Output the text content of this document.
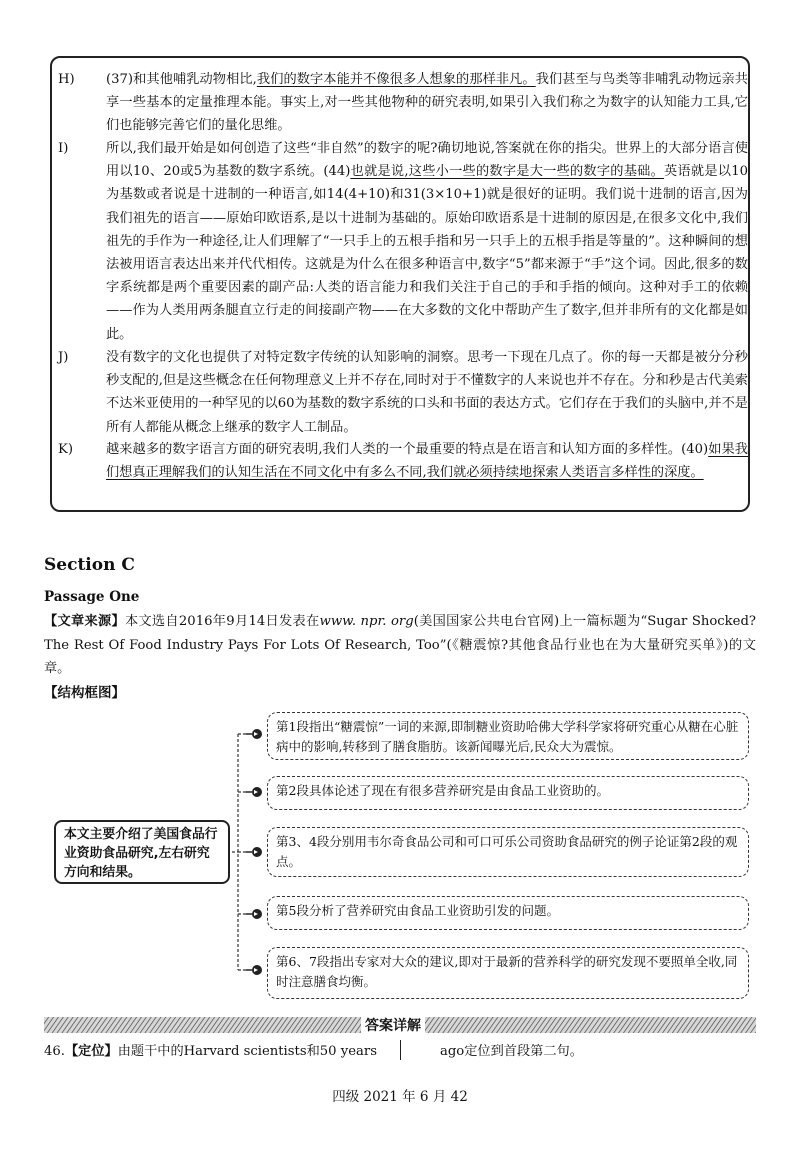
H) (37)和其他哺乳动物相比,我们的数字本能并不像很多人想象的那样非凡。我们甚至与鸟类等非哺乳动物远亲共享一些基本的定量推理本能。事实上,对一些其他物种的研究表明,如果引入我们称之为数字的认知能力工具,它们也能够完善它们的量化思维。
I)	所以,我们最开始是如何创造了这些“非自然”的数字的呢?确切地说,答案就在你的指尖。世界上的大部分语言使用以10、20或5为基数的数字系统。(44)也就是说,这些小一些的数字是大一些的数字的基础。英语就是以10为基数或者说是十进制的一种语言,如14(4+10)和31(3×10+1)就是很好的证明。我们说十进制的语言,因为我们祖先的语言——原始印欧语系,是以十进制为基础的。原始印欧语系是十进制的原因是,在很多文化中,我们祖先的手作为一种途径,让人们理解了“一只手上的五根手指和另一只手上的五根手指是等量的”。这种瞬间的想法被用语言表达出来并代代相传。这就是为什么在很多种语言中,数字“5”都来源于“手”这个词。因此,很多的数字系统都是两个重要因素的副产品:人类的语言能力和我们关注于自己的手和手指的倾向。这种对手工的依赖——作为人类用两条腿直立行走的间接副产物——在大多数的文化中帮助产生了数字,但并非所有的文化都是如此。
J)	没有数字的文化也提供了对特定数字传统的认知影响的洞察。思考一下现在几点了。你的每一天都是被分分秒秒支配的,但是这些概念在任何物理意义上并不存在,同时对于不懂数字的人来说也并不存在。分和秒是古代美索不达米亚使用的一种罕见的以60为基数的数字系统的口头和书面的表达方式。它们存在于我们的头脑中,并不是所有人都能从概念上继承的数字人工制品。
K)	越来越多的数字语言方面的研究表明,我们人类的一个最重要的特点是在语言和认知方面的多样性。(40)如果我们想真正理解我们的认知生活在不同文化中有多么不同,我们就必须持续地探索人类语言多样性的深度。
Section C
Passage One
【文章来源】本文选自2016年9月14日发表在www. npr. org(美国国家公共电台官网)上一篇标题为“Sugar Shocked? The Rest Of Food Industry Pays For Lots Of Research, Too”(《糖震惊?其他食品行业也在为大量研究买单》)的文章。
【结构框图】
本文主要介绍了美国食品行业资助食品研究,左右研究方向和结果。
第1段指出“糖震惊”一词的来源,即制糖业资助哈佛大学科学家将研究重心从糖在心脏病中的影响,转移到了膳食脂肪。该新闻曝光后,民众大为震惊。
第2段具体论述了现在有很多营养研究是由食品工业资助的。
第3、4段分别用韦尔奇食品公司和可口可乐公司资助食品研究的例子论证第2段的观点。
第5段分析了营养研究由食品工业资助引发的问题。
第6、7段指出专家对大众的建议,即对于最新的营养科学的研究发现不要照单全收,同时注意膳食均衡。
答案详解
46.【定位】由题干中的Harvard scientists和50 years	ago定位到首段第二句。
四级 2021 年 6 月 42
